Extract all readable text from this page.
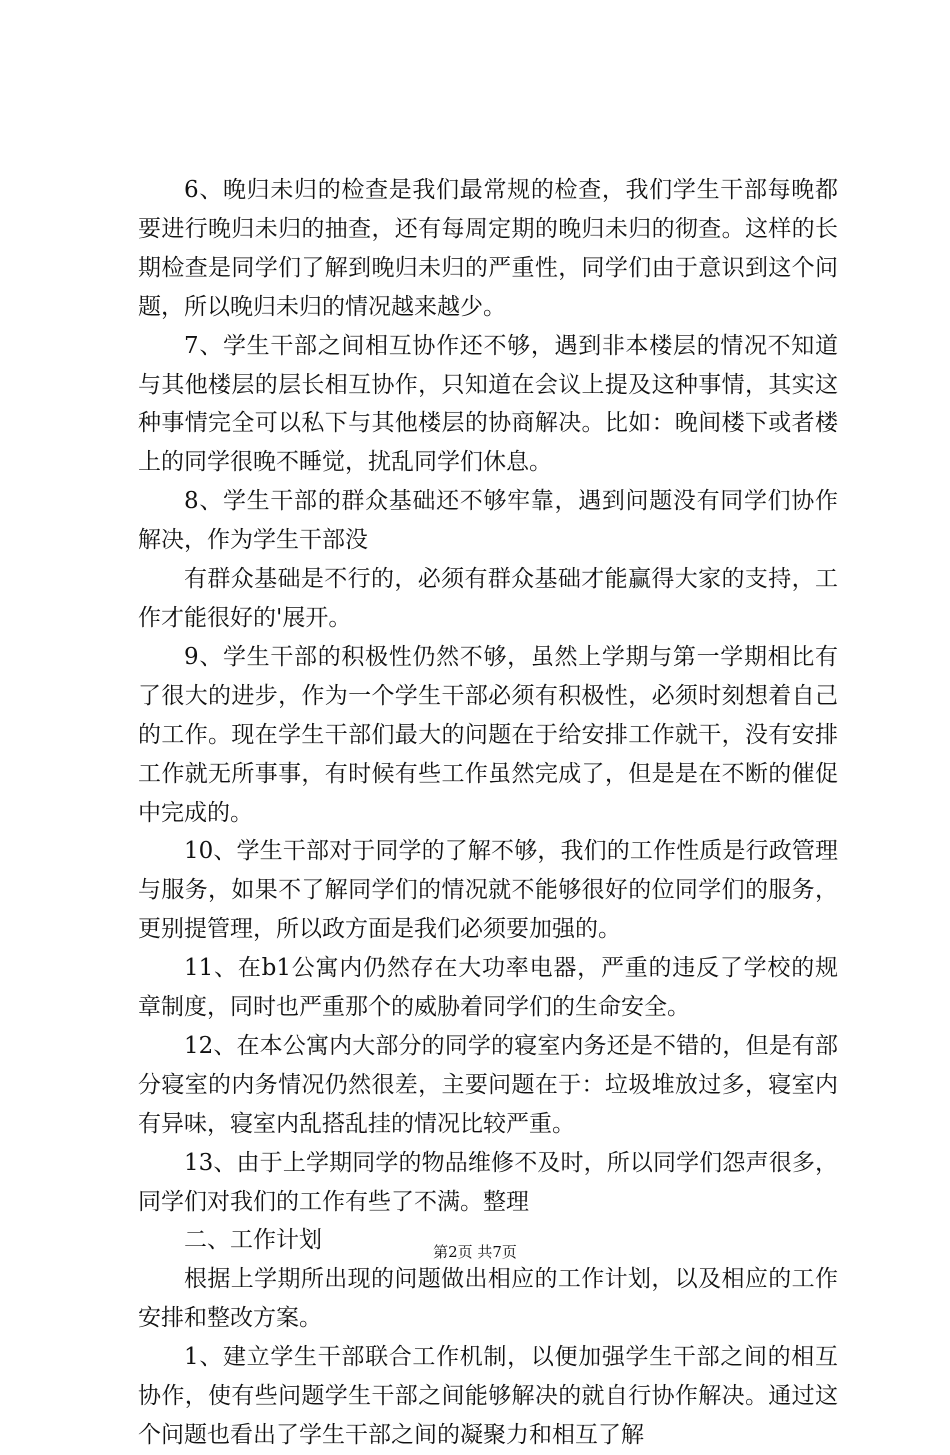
6、晚归未归的检查是我们最常规的检查，我们学生干部每晚都要进行晚归未归的抽查，还有每周定期的晚归未归的彻查。这样的长期检查是同学们了解到晚归未归的严重性，同学们由于意识到这个问题，所以晚归未归的情况越来越少。

7、学生干部之间相互协作还不够，遇到非本楼层的情况不知道与其他楼层的层长相互协作，只知道在会议上提及这种事情，其实这种事情完全可以私下与其他楼层的协商解决。比如：晚间楼下或者楼上的同学很晚不睡觉，扰乱同学们休息。

8、学生干部的群众基础还不够牢靠，遇到问题没有同学们协作解决，作为学生干部没

有群众基础是不行的，必须有群众基础才能赢得大家的支持，工作才能很好的'展开。

9、学生干部的积极性仍然不够，虽然上学期与第一学期相比有了很大的进步，作为一个学生干部必须有积极性，必须时刻想着自己的工作。现在学生干部们最大的问题在于给安排工作就干，没有安排工作就无所事事，有时候有些工作虽然完成了，但是是在不断的催促中完成的。

10、学生干部对于同学的了解不够，我们的工作性质是行政管理与服务，如果不了解同学们的情况就不能够很好的位同学们的服务，更别提管理，所以政方面是我们必须要加强的。

11、在b1公寓内仍然存在大功率电器，严重的违反了学校的规章制度，同时也严重那个的威胁着同学们的生命安全。

12、在本公寓内大部分的同学的寝室内务还是不错的，但是有部分寝室的内务情况仍然很差，主要问题在于：垃圾堆放过多，寝室内有异味，寝室内乱搭乱挂的情况比较严重。

13、由于上学期同学的物品维修不及时，所以同学们怨声很多，同学们对我们的工作有些了不满。整理

二、工作计划

根据上学期所出现的问题做出相应的工作计划，以及相应的工作安排和整改方案。

1、建立学生干部联合工作机制，以便加强学生干部之间的相互协作，使有些问题学生干部之间能够解决的就自行协作解决。通过这个问题也看出了学生干部之间的凝聚力和相互了解

第2页 共7页
